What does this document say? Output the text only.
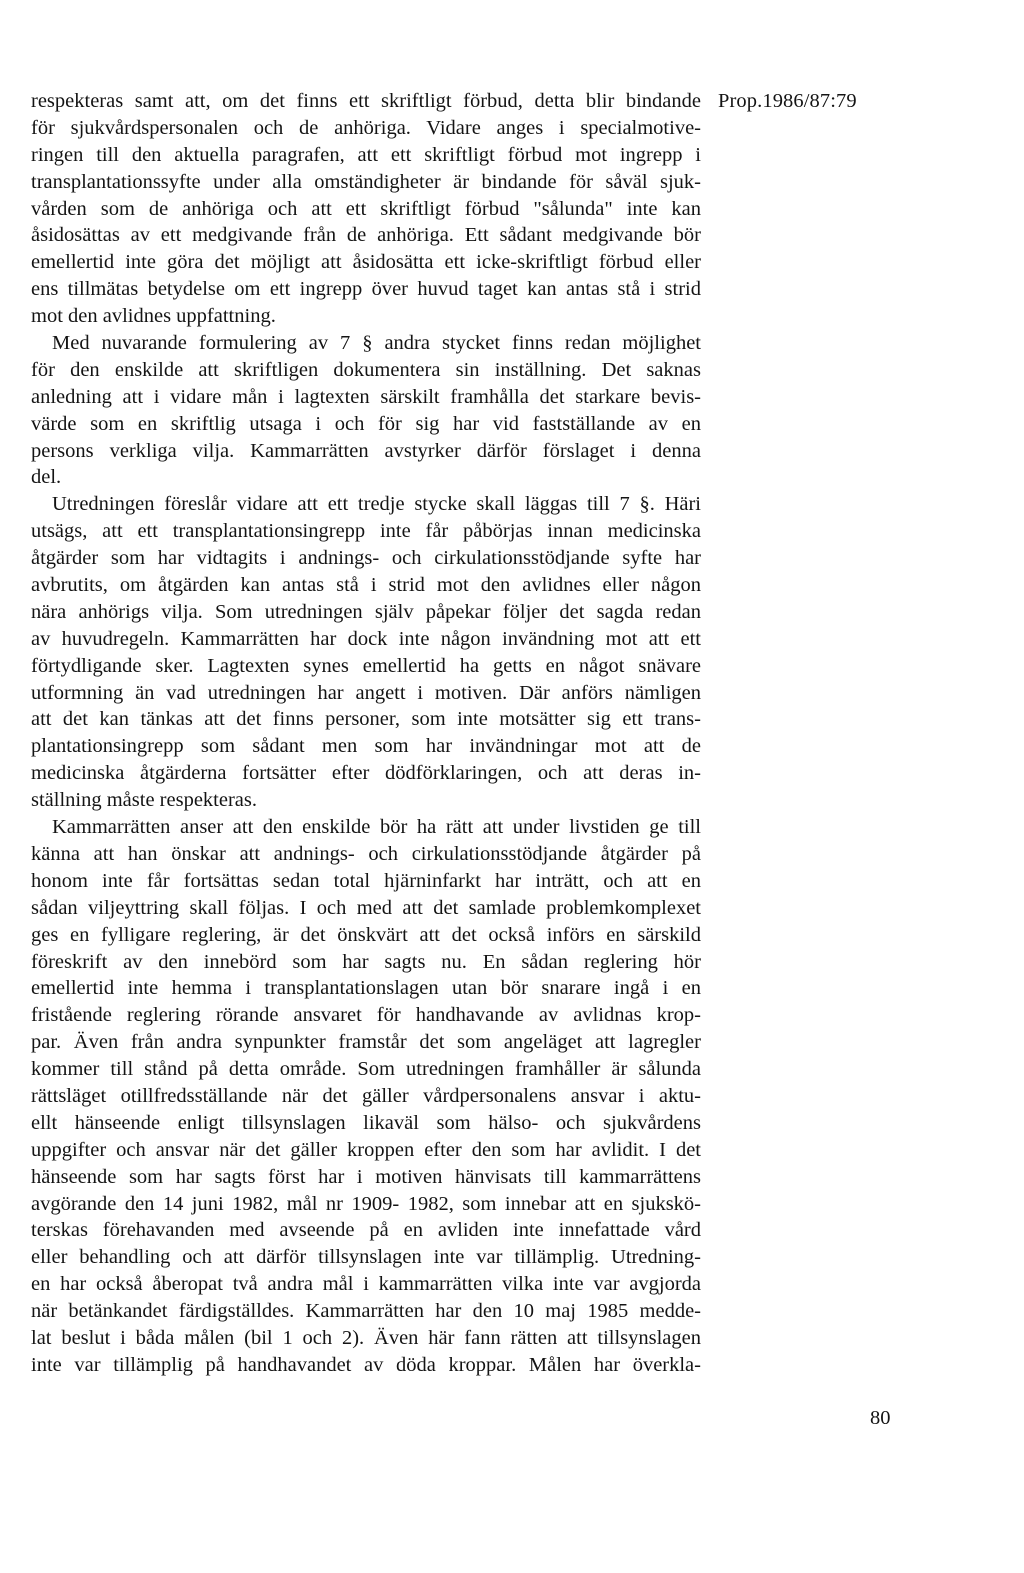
Prop.1986/87:79
respekteras samt att, om det finns ett skriftligt förbud, detta blir bindande
för sjukvårdspersonalen och de anhöriga. Vidare anges i specialmotive-
ringen till den aktuella paragrafen, att ett skriftligt förbud mot ingrepp i
transplantationssyfte under alla omständigheter är bindande för såväl sjuk-
vården som de anhöriga och att ett skriftligt förbud "sålunda" inte kan
åsidosättas av ett medgivande från de anhöriga. Ett sådant medgivande bör
emellertid inte göra det möjligt att åsidosätta ett icke-skriftligt förbud eller
ens tillmätas betydelse om ett ingrepp över huvud taget kan antas stå i strid
mot den avlidnes uppfattning.
Med nuvarande formulering av 7 § andra stycket finns redan möjlighet
för den enskilde att skriftligen dokumentera sin inställning. Det saknas
anledning att i vidare mån i lagtexten särskilt framhålla det starkare bevis-
värde som en skriftlig utsaga i och för sig har vid fastställande av en
persons verkliga vilja. Kammarrätten avstyrker därför förslaget i denna
del.
Utredningen föreslår vidare att ett tredje stycke skall läggas till 7 §. Häri
utsägs, att ett transplantationsingrepp inte får påbörjas innan medicinska
åtgärder som har vidtagits i andnings- och cirkulationsstödjande syfte har
avbrutits, om åtgärden kan antas stå i strid mot den avlidnes eller någon
nära anhörigs vilja. Som utredningen själv påpekar följer det sagda redan
av huvudregeln. Kammarrätten har dock inte någon invändning mot att ett
förtydligande sker. Lagtexten synes emellertid ha getts en något snävare
utformning än vad utredningen har angett i motiven. Där anförs nämligen
att det kan tänkas att det finns personer, som inte motsätter sig ett trans-
plantationsingrepp som sådant men som har invändningar mot att de
medicinska åtgärderna fortsätter efter dödförklaringen, och att deras in-
ställning måste respekteras.
Kammarrätten anser att den enskilde bör ha rätt att under livstiden ge till
känna att han önskar att andnings- och cirkulationsstödjande åtgärder på
honom inte får fortsättas sedan total hjärninfarkt har inträtt, och att en
sådan viljeyttring skall följas. I och med att det samlade problemkomplexet
ges en fylligare reglering, är det önskvärt att det också införs en särskild
föreskrift av den innebörd som har sagts nu. En sådan reglering hör
emellertid inte hemma i transplantationslagen utan bör snarare ingå i en
fristående reglering rörande ansvaret för handhavande av avlidnas krop-
par. Även från andra synpunkter framstår det som angeläget att lagregler
kommer till stånd på detta område. Som utredningen framhåller är sålunda
rättsläget otillfredsställande när det gäller vårdpersonalens ansvar i aktu-
ellt hänseende enligt tillsynslagen likaväl som hälso- och sjukvårdens
uppgifter och ansvar när det gäller kroppen efter den som har avlidit. I det
hänseende som har sagts först har i motiven hänvisats till kammarrättens
avgörande den 14 juni 1982, mål nr 1909- 1982, som innebar att en sjukskö-
terskas förehavanden med avseende på en avliden inte innefattade vård
eller behandling och att därför tillsynslagen inte var tillämplig. Utredning-
en har också åberopat två andra mål i kammarrätten vilka inte var avgjorda
när betänkandet färdigställdes. Kammarrätten har den 10 maj 1985 medde-
lat beslut i båda målen (bil 1 och 2). Även här fann rätten att tillsynslagen
inte var tillämplig på handhavandet av döda kroppar. Målen har överkla-
80
